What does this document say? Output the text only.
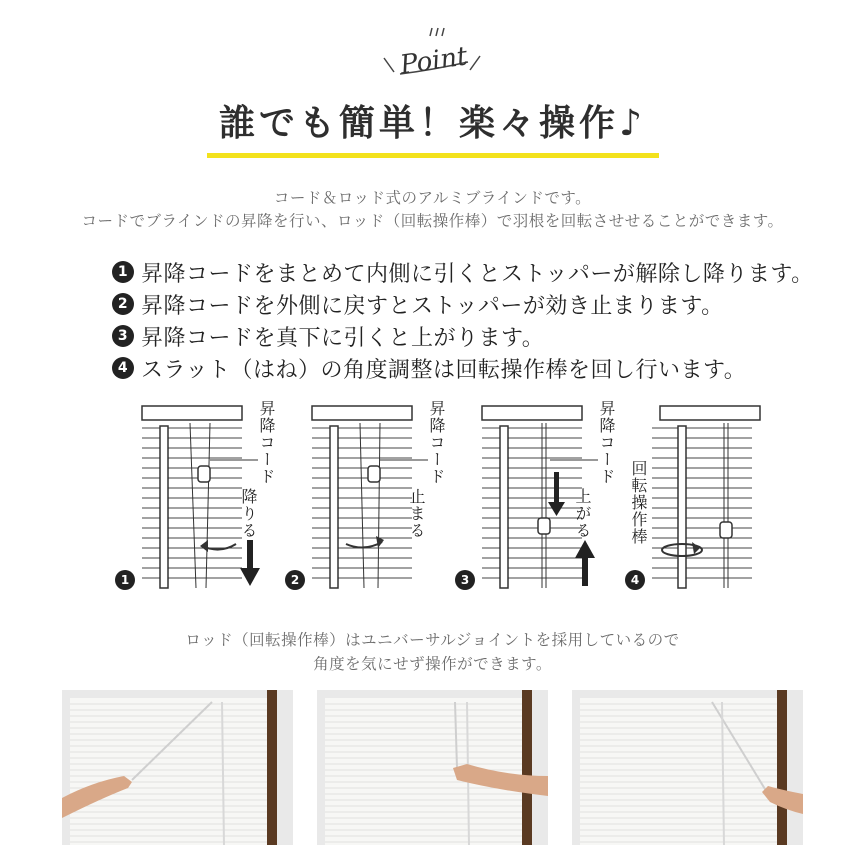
Point
誰でも簡単！楽々操作♪
コード＆ロッド式のアルミブラインドです。
コードでブラインドの昇降を行い、ロッド（回転操作棒）で羽根を回転させせることができます。
1 昇降コードをまとめて内側に引くとストッパーが解除し降ります。
2 昇降コードを外側に戻すとストッパーが効き止まります。
3 昇降コードを真下に引くと上がります。
4 スラット（はね）の角度調整は回転操作棒を回し行います。
昇降コード
降りる
1
昇降コード
止まる
2
昇降コード
上がる
3
回転操作棒
4
ロッド（回転操作棒）はユニバーサルジョイントを採用しているので
角度を気にせず操作ができます。
